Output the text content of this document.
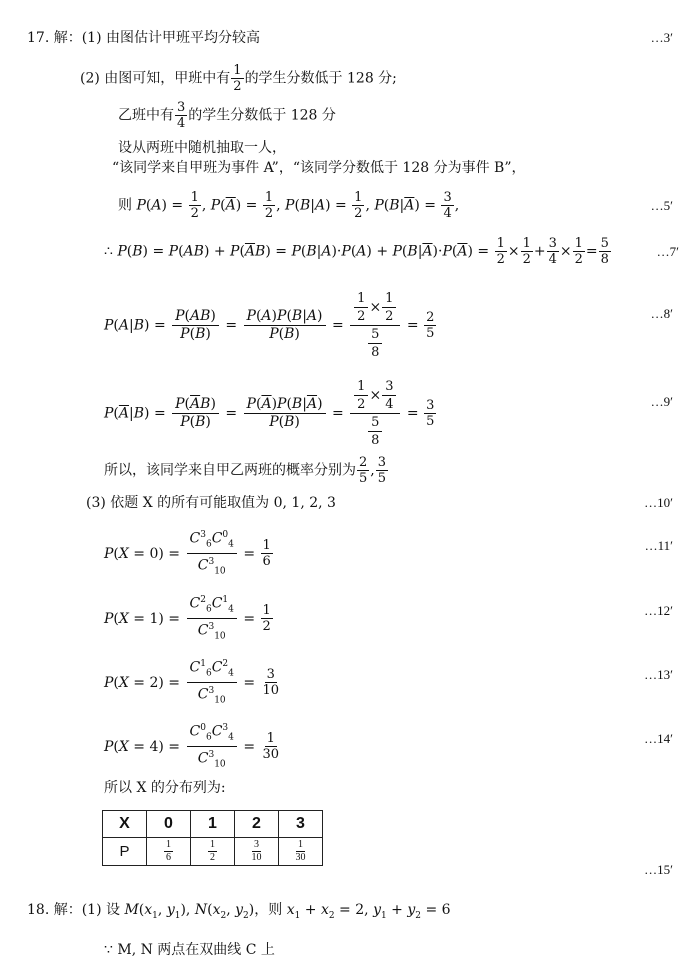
17. 解：(1) 由图估计甲班平均分较高	…3′
(2) 由图可知，甲班中有 $\frac{1}{2}$ 的学生分数低于 128 分;
乙班中有 $\frac{3}{4}$ 的学生分数低于 128 分
设从两班中随机抽取一人，
“该同学来自甲班为事件 A”，“该同学分数低于 128 分为事件 B”，
则 $P(A) = \frac{1}{2}$ , $P(\overline{A}) = \frac{1}{2}$ , $P(B|A) = \frac{1}{2}$ , $P(B|\overline{A}) = \frac{3}{4}$ ,	…5′
∴ $P(B) = P(AB) + P(\overline{A}B) = P(B|A)\cdot P(A) + P(B|\overline{A})\cdot P(\overline{A}) = \frac{1}{2} \times \frac{1}{2} + \frac{3}{4} \times \frac{1}{2} = \frac{5}{8}$	…7′
$P(A|B) = \frac{P(AB)}{P(B)} = \frac{P(A)P(B|A)}{P(B)} = \frac{\frac{1}{2} \times \frac{1}{2}}{\frac{5}{8}} = \frac{2}{5}$	…8′
$P(\overline{A}|B) = \frac{P(\overline{A}B)}{P(B)} = \frac{P(\overline{A})P(B|\overline{A})}{P(B)} = \frac{\frac{1}{2} \times \frac{3}{4}}{\frac{5}{8}} = \frac{3}{5}$	…9′
所以，该同学来自甲乙两班的概率分别为 $\frac{2}{5}$ , $\frac{3}{5}$
(3) 依题 X 的所有可能取值为 0, 1, 2, 3	…10′
$P(X = 0) = \frac{C^3_6C^0_4}{C^3_{10}} = \frac{1}{6}$	…11′
$P(X = 1) = \frac{C^2_6C^1_4}{C^3_{10}} = \frac{1}{2}$	…12′
$P(X = 2) = \frac{C^1_6C^2_4}{C^3_{10}} = \frac{3}{10}$	…13′
$P(X = 4) = \frac{C^0_6C^3_4}{C^3_{10}} = \frac{1}{30}$	…14′
所以 X 的分布列为:
X	0	1	2	3
P	$\frac{1}{6}$	$\frac{1}{2}$	$\frac{3}{10}$	$\frac{1}{30}$
…15′
18. 解：(1) 设 $M(x_1$, $y_1$), $N(x_2$, $y_2$)，则 $x_1 + x_2 = 2$, $y_1 + y_2 = 6$
∵ M, N 两点在双曲线 C 上
